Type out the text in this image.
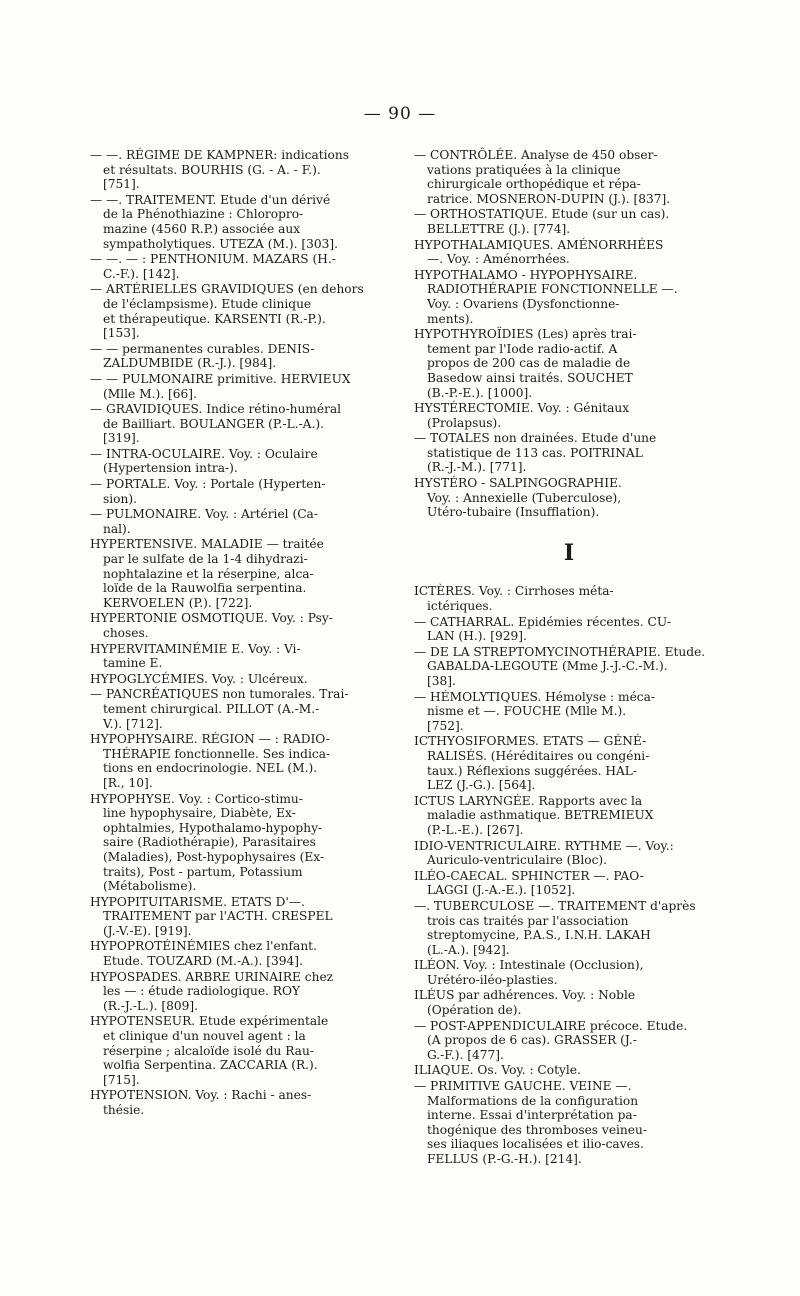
— 90 —

— —. RÉGIME DE KAMPNER: indications
et résultats. BOURHIS (G. - A. - F.).
[751].

— —. TRAITEMENT. Etude d'un dérivé
de la Phénothiazine : Chloropro-
mazine (4560 R.P.) associée aux
sympatholytiques. UTEZA (M.). [303].

— —. — : PENTHONIUM. MAZARS (H.-
C.-F.). [142].

— ARTÉRIELLES GRAVIDIQUES (en dehors
de l'éclampsisme). Etude clinique
et thérapeutique. KARSENTI (R.-P.).
[153].

— — permanentes curables. DENIS-
ZALDUMBIDE (R.-J.). [984].

— — PULMONAIRE primitive. HERVIEUX
(Mlle M.). [66].

— GRAVIDIQUES. Indice rétino-huméral
de Bailliart. BOULANGER (P.-L.-A.).
[319].

— INTRA-OCULAIRE. Voy. : Oculaire
(Hypertension intra-).

— PORTALE. Voy. : Portale (Hyperten-
sion).

— PULMONAIRE. Voy. : Artériel (Ca-
nal).

HYPERTENSIVE. MALADIE — traitée
par le sulfate de la 1-4 dihydrazi-
nophtalazine et la réserpine, alca-
loïde de la Rauwolfia serpentina.
KERVOELEN (P.). [722].

HYPERTONIE OSMOTIQUE. Voy. : Psy-
choses.

HYPERVITAMINÉMIE E. Voy. : Vi-
tamine E.

HYPOGLYCÉMIES. Voy. : Ulcéreux.

— PANCRÉATIQUES non tumorales. Trai-
tement chirurgical. PILLOT (A.-M.-
V.). [712].

HYPOPHYSAIRE. RÉGION — : RADIO-
THÉRAPIE fonctionnelle. Ses indica-
tions en endocrinologie. NEL (M.).
[R., 10].

HYPOPHYSE. Voy. : Cortico-stimu-
line hypophysaire, Diabète, Ex-
ophtalmies, Hypothalamo-hypophy-
saire (Radiothérapie), Parasitaires
(Maladies), Post-hypophysaires (Ex-
traits), Post - partum, Potassium
(Métabolisme).

HYPOPITUITARISME. ETATS D'—.
TRAITEMENT par l'ACTH. CRESPEL
(J.-V.-E). [919].

HYPOPROTÉINÉMIES chez l'enfant.
Etude. TOUZARD (M.-A.). [394].

HYPOSPADES. ARBRE URINAIRE chez
les — : étude radiologique. ROY
(R.-J.-L.). [809].

HYPOTENSEUR. Etude expérimentale
et clinique d'un nouvel agent : la
réserpine ; alcaloïde isolé du Rau-
wolfia Serpentina. ZACCARIA (R.).
[715].

HYPOTENSION. Voy. : Rachi - anes-
thésie.

— CONTRÔLÉE. Analyse de 450 obser-
vations pratiquées à la clinique
chirurgicale orthopédique et répa-
ratrice. MOSNERON-DUPIN (J.). [837].

— ORTHOSTATIQUE. Etude (sur un cas).
BELLETTRE (J.). [774].

HYPOTHALAMIQUES. AMÉNORRHÉES
—. Voy. : Aménorrhées.

HYPOTHALAMO - HYPOPHYSAIRE.
RADIOTHÉRAPIE FONCTIONNELLE —.
Voy. : Ovariens (Dysfonctionne-
ments).

HYPOTHYROÏDIES (Les) après trai-
tement par l'Iode radio-actif. A
propos de 200 cas de maladie de
Basedow ainsi traités. SOUCHET
(B.-P.-E.). [1000].

HYSTÉRECTOMIE. Voy. : Génitaux
(Prolapsus).

— TOTALES non drainées. Etude d'une
statistique de 113 cas. POITRINAL
(R.-J.-M.). [771].

HYSTÉRO - SALPINGOGRAPHIE.
Voy. : Annexielle (Tuberculose),
Utéro-tubaire (Insufflation).

I

ICTÈRES. Voy. : Cirrhoses méta-
ictériques.

— CATHARRAL. Epidémies récentes. CU-
LAN (H.). [929].

— DE LA STREPTOMYCINOTHÉRAPIE. Etude.
GABALDA-LEGOUTE (Mme J.-J.-C.-M.).
[38].

— HÉMOLYTIQUES. Hémolyse : méca-
nisme et —. FOUCHE (Mlle M.).
[752].

ICTHYOSIFORMES. ETATS — GÉNÉ-
RALISÉS. (Héréditaires ou congéni-
taux.) Réflexions suggérées. HAL-
LEZ (J.-G.). [564].

ICTUS LARYNGÉE. Rapports avec la
maladie asthmatique. BETREMIEUX
(P.-L.-E.). [267].

IDIO-VENTRICULAIRE. RYTHME —. Voy.:
Auriculo-ventriculaire (Bloc).

ILÉO-CAECAL. SPHINCTER —. PAO-
LAGGI (J.-A.-E.). [1052].

—. TUBERCULOSE —. TRAITEMENT d'après
trois cas traités par l'association
streptomycine, P.A.S., I.N.H. LAKAH
(L.-A.). [942].

ILÉON. Voy. : Intestinale (Occlusion),
Urétéro-iléo-plasties.

ILÉUS par adhérences. Voy. : Noble
(Opération de).

— POST-APPENDICULAIRE précoce. Etude.
(A propos de 6 cas). GRASSER (J.-
G.-F.). [477].

ILIAQUE. Os. Voy. : Cotyle.

— PRIMITIVE GAUCHE. VEINE —.
Malformations de la configuration
interne. Essai d'interprétation pa-
thogénique des thromboses veineu-
ses iliaques localisées et ilio-caves.
FELLUS (P.-G.-H.). [214].
